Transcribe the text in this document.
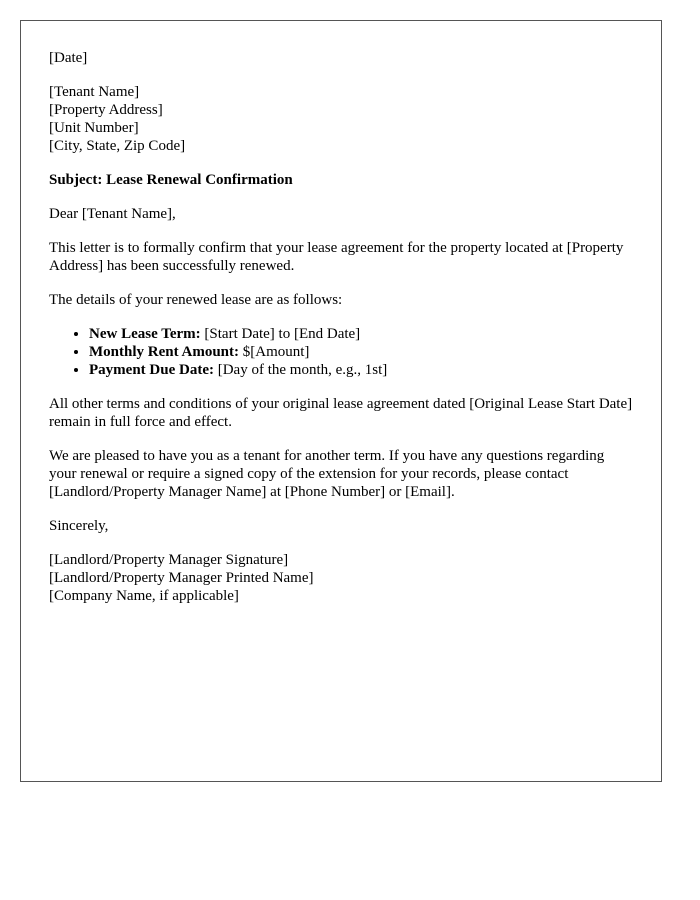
[Date]

[Tenant Name]
[Property Address]
[Unit Number]
[City, State, Zip Code]

Subject: Lease Renewal Confirmation

Dear [Tenant Name],

This letter is to formally confirm that your lease agreement for the property located at [Property Address] has been successfully renewed.

The details of your renewed lease are as follows:

• New Lease Term: [Start Date] to [End Date]
• Monthly Rent Amount: $[Amount]
• Payment Due Date: [Day of the month, e.g., 1st]

All other terms and conditions of your original lease agreement dated [Original Lease Start Date] remain in full force and effect.

We are pleased to have you as a tenant for another term. If you have any questions regarding your renewal or require a signed copy of the extension for your records, please contact [Landlord/Property Manager Name] at [Phone Number] or [Email].

Sincerely,

[Landlord/Property Manager Signature]
[Landlord/Property Manager Printed Name]
[Company Name, if applicable]
